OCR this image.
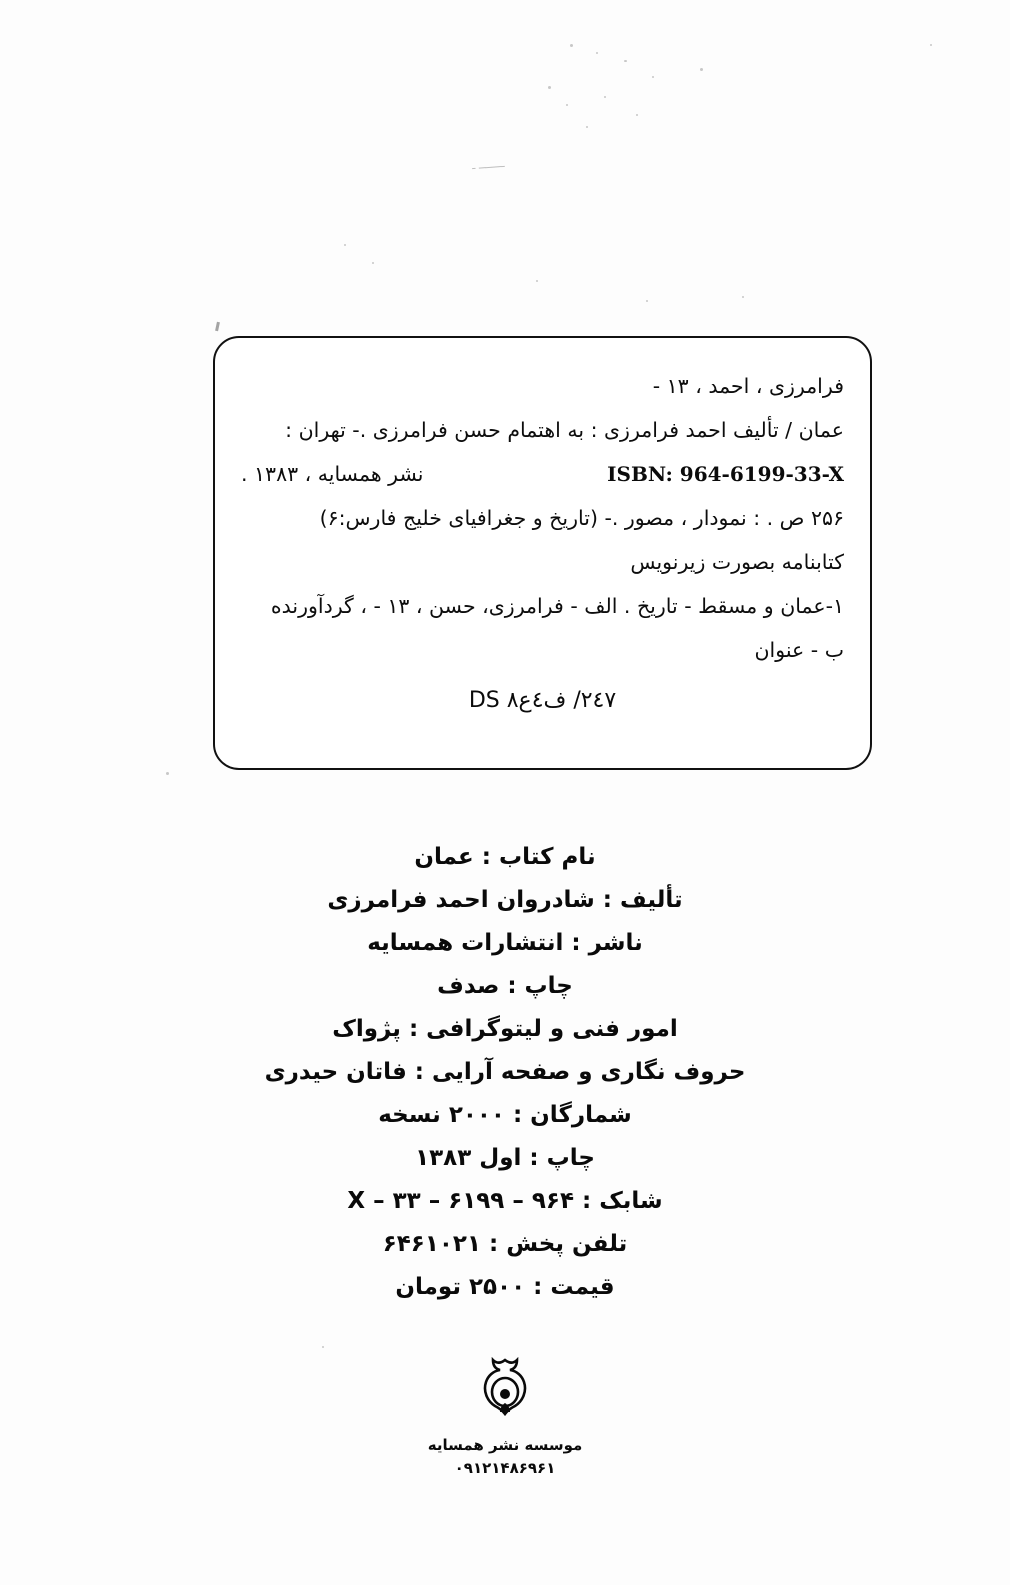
ــــ‌ـ‌ـ‌ــ ـ
فرامرزی ، احمد ، ۱۳ -
عمان / تألیف احمد فرامرزی : به اهتمام حسن فرامرزی .- تهران :
ISBN: 964-6199-33-X
نشر همسایه ، ۱۳۸۳ .
۲۵۶ ص . : نمودار ، مصور .- (تاریخ و جغرافیای خلیج فارس:۶)
کتابنامه بصورت زیرنویس
۱-عمان و مسقط - تاریخ . الف - فرامرزی، حسن ، ۱۳ - ، گردآورنده
ب - عنوان
DS ٢٤٧/ ف٤ع٨
نام کتاب : عمان
تألیف : شادروان احمد فرامرزی
ناشر : انتشارات همسایه
چاپ : صدف
امور فنی و لیتوگرافی : پژواک
حروف نگاری و صفحه آرایی : فاتان حیدری
شمارگان : ۲۰۰۰ نسخه
چاپ : اول ۱۳۸۳
شابک : X – ۳۳ – ۶۱۹۹ – ۹۶۴
تلفن پخش : ۶۴۶۱۰۲۱
قیمت : ۲۵۰۰ تومان
موسسه نشر همسایه
۰۹۱۲۱۴۸۶۹۶۱
